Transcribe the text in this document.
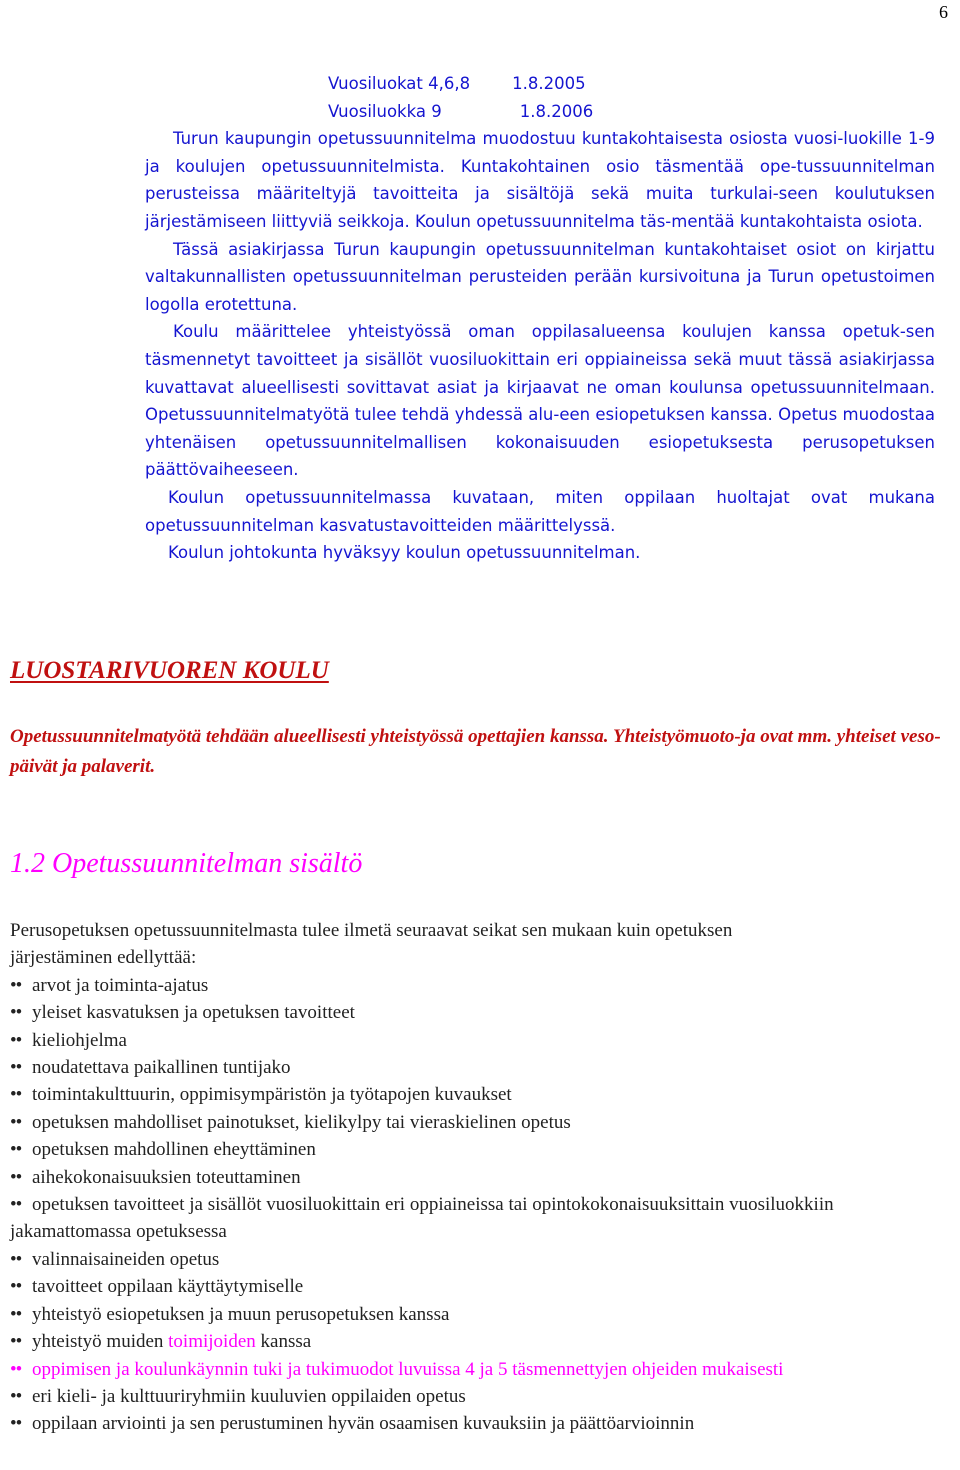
6
Vuosiluokat 4,6,8	1.8.2005
Vuosiluokka 9	1.8.2006

Turun kaupungin opetussuunnitelma muodostuu kuntakohtaisesta osiosta vuosi-luokille 1-9 ja koulujen opetussuunnitelmista. Kuntakohtainen osio täsmentää ope-tussuunnitelman perusteissa määriteltyjä tavoitteita ja sisältöjä sekä muita turkulai-seen koulutuksen järjestämiseen liittyviä seikkoja. Koulun opetussuunnitelma täs-mentää kuntakohtaista osiota.

Tässä asiakirjassa Turun kaupungin opetussuunnitelman kuntakohtaiset osiot on kirjattu valtakunnallisten opetussuunnitelman perusteiden perään kursivoituna ja Turun opetustoimen logolla erotettuna.

Koulu määrittelee yhteistyössä oman oppilasalueensa koulujen kanssa opetuk-sen täsmennetyt tavoitteet ja sisällöt vuosiluokittain eri oppiaineissa sekä muut tässä asiakirjassa kuvattavat alueellisesti sovittavat asiat ja kirjaavat ne oman koulunsa opetussuunnitelmaan. Opetussuunnitelmatyötä tulee tehdä yhdessä alu-een esiopetuksen kanssa. Opetus muodostaa yhtenäisen opetussuunnitelmallisen kokonaisuuden esiopetuksesta perusopetuksen päättövaiheeseen.

Koulun opetussuunnitelmassa kuvataan, miten oppilaan huoltajat ovat mukana opetussuunnitelman kasvatustavoitteiden määrittelyssä.

Koulun johtokunta hyväksyy koulun opetussuunnitelman.

LUOSTARIVUOREN KOULU

Opetussuunnitelmatyötä tehdään alueellisesti yhteistyössä opettajien kanssa. Yhteistyömuoto-ja ovat mm. yhteiset veso-päivät ja palaverit.

1.2 Opetussuunnitelman sisältö

Perusopetuksen opetussuunnitelmasta tulee ilmetä seuraavat seikat sen mukaan kuin opetuksen järjestäminen edellyttää:

•• arvot ja toiminta-ajatus
•• yleiset kasvatuksen ja opetuksen tavoitteet
•• kieliohjelma
•• noudatettava paikallinen tuntijako
•• toimintakulttuurin, oppimisympäristön ja työtapojen kuvaukset
•• opetuksen mahdolliset painotukset, kielikylpy tai vieraskielinen opetus
•• opetuksen mahdollinen eheyttäminen
•• aihekokonaisuuksien toteuttaminen
•• opetuksen tavoitteet ja sisällöt vuosiluokittain eri oppiaineissa tai opintokokonaisuuksittain vuosiluokkiin jakamattomassa opetuksessa
•• valinnaisaineiden opetus
•• tavoitteet oppilaan käyttäytymiselle
•• yhteistyö esiopetuksen ja muun perusopetuksen kanssa
•• yhteistyö muiden toimijoiden kanssa
•• oppimisen ja koulunkäynnin tuki ja tukimuodot luvuissa 4 ja 5 täsmennettyjen ohjeiden mukaisesti
•• eri kieli- ja kulttuuriryhmiin kuuluvien oppilaiden opetus
•• oppilaan arviointi ja sen perustuminen hyvän osaamisen kuvauksiin ja päättöarvioinnin
